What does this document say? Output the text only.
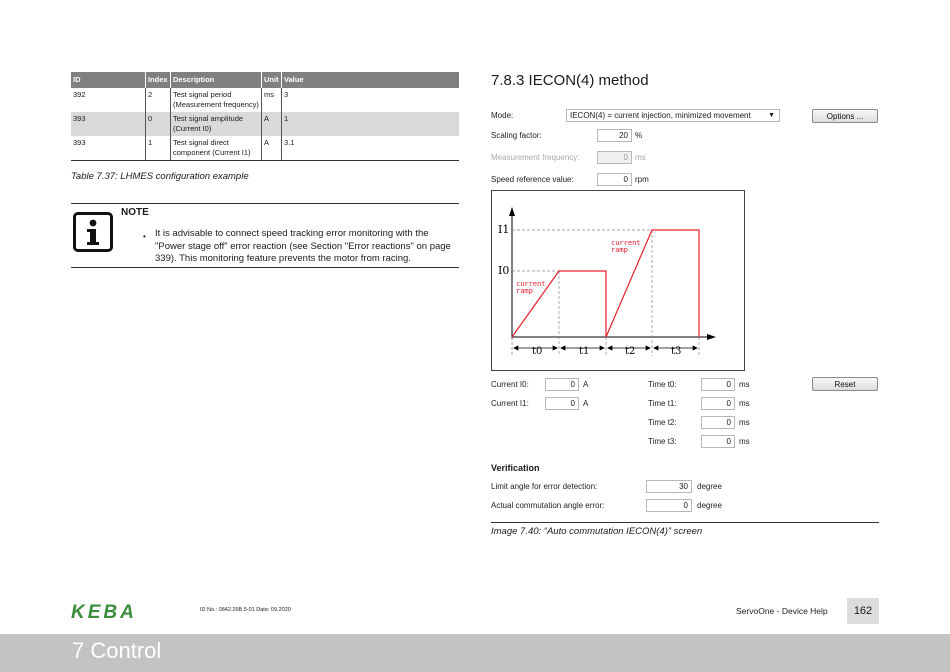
ID	Index	Description	Unit	Value
392	2	Test signal period (Measurement frequency)	ms	3
393	0	Test signal amplitude (Current I0)	A	1
393	1	Test signal direct component (Current I1)	A	3.1
Table 7.37: LHMES configuration example
NOTE
• It is advisable to connect speed tracking error monitoring with the "Power stage off" error reaction (see Section "Error reactions" on page 339). This monitoring feature prevents the motor from racing.
7.8.3 IECON(4) method
Mode:	IECON(4) = current injection, minimized movement ▼	Options ...
Scaling factor:	20 %
Measurement frequency:	0 ms
Speed reference value:	0 rpm
I1
I0
current
ramp
current
ramp
t0	t1	t2	t3
Current I0:	0	A
Current I1:	0	A
Time t0:	0	ms
Time t1:	0	ms
Time t2:	0	ms
Time t3:	0	ms
Reset
Verification
Limit angle for error detection:	30	degree
Actual commutation angle error:	0	degree
Image 7.40: “Auto commutation IECON(4)” screen
KEBA	ID No.: 0842.26B.5-01 Date: 09.2020	ServoOne - Device Help	162
7 Control
